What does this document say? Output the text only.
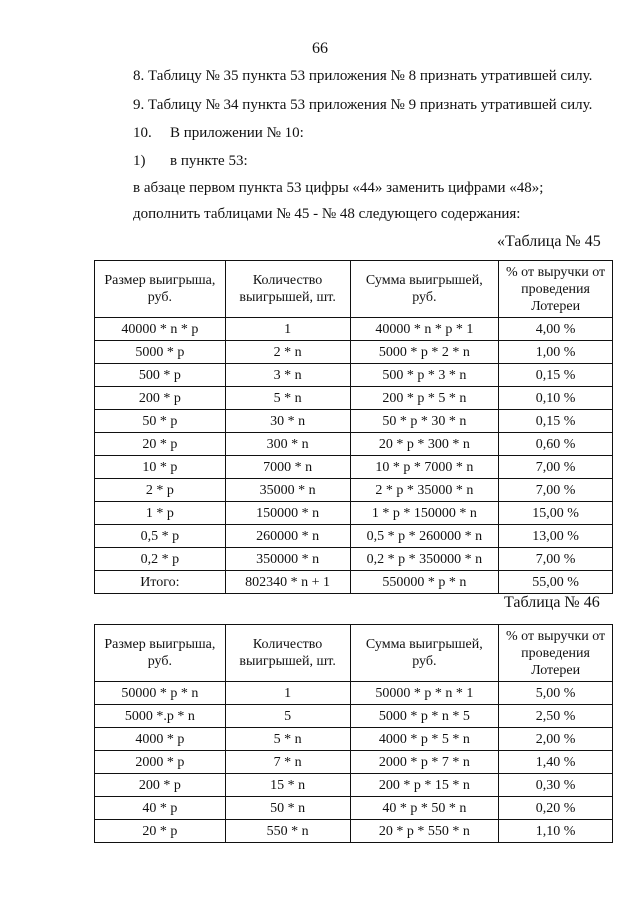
66
8. Таблицу № 35 пункта 53 приложения № 8 признать утратившей силу.
9. Таблицу № 34 пункта 53 приложения № 9 признать утратившей силу.
10. В приложении № 10:
1) в пункте 53:
в абзаце первом пункта 53 цифры «44» заменить цифрами «48»;
дополнить таблицами № 45 - № 48 следующего содержания:
«Таблица № 45
Размер выигрыша, руб.	Количество выигрышей, шт.	Сумма выигрышей, руб.	% от выручки от проведения Лотереи
40000 * n * p	1	40000 * n * p * 1	4,00 %
5000 * p	2 * n	5000 * p * 2 * n	1,00 %
500 * p	3 * n	500 * p * 3 * n	0,15 %
200 * p	5 * n	200 * p * 5 * n	0,10 %
50 * p	30 * n	50 * p * 30 * n	0,15 %
20 * p	300 * n	20 * p * 300 * n	0,60 %
10 * p	7000 * n	10 * p * 7000 * n	7,00 %
2 * p	35000 * n	2 * p * 35000 * n	7,00 %
1 * p	150000 * n	1 * p * 150000 * n	15,00 %
0,5 * p	260000 * n	0,5 * p * 260000 * n	13,00 %
0,2 * p	350000 * n	0,2 * p * 350000 * n	7,00 %
Итого:	802340 * n + 1	550000 * p * n	55,00 %
Таблица № 46
Размер выигрыша, руб.	Количество выигрышей, шт.	Сумма выигрышей, руб.	% от выручки от проведения Лотереи
50000 * p * n	1	50000 * p * n * 1	5,00 %
5000 *.p * n	5	5000 * p * n * 5	2,50 %
4000 * p	5 * n	4000 * p * 5 * n	2,00 %
2000 * p	7 * n	2000 * p * 7 * n	1,40 %
200 * p	15 * n	200 * p * 15 * n	0,30 %
40 * p	50 * n	40 * p * 50 * n	0,20 %
20 * p	550 * n	20 * p * 550 * n	1,10 %
